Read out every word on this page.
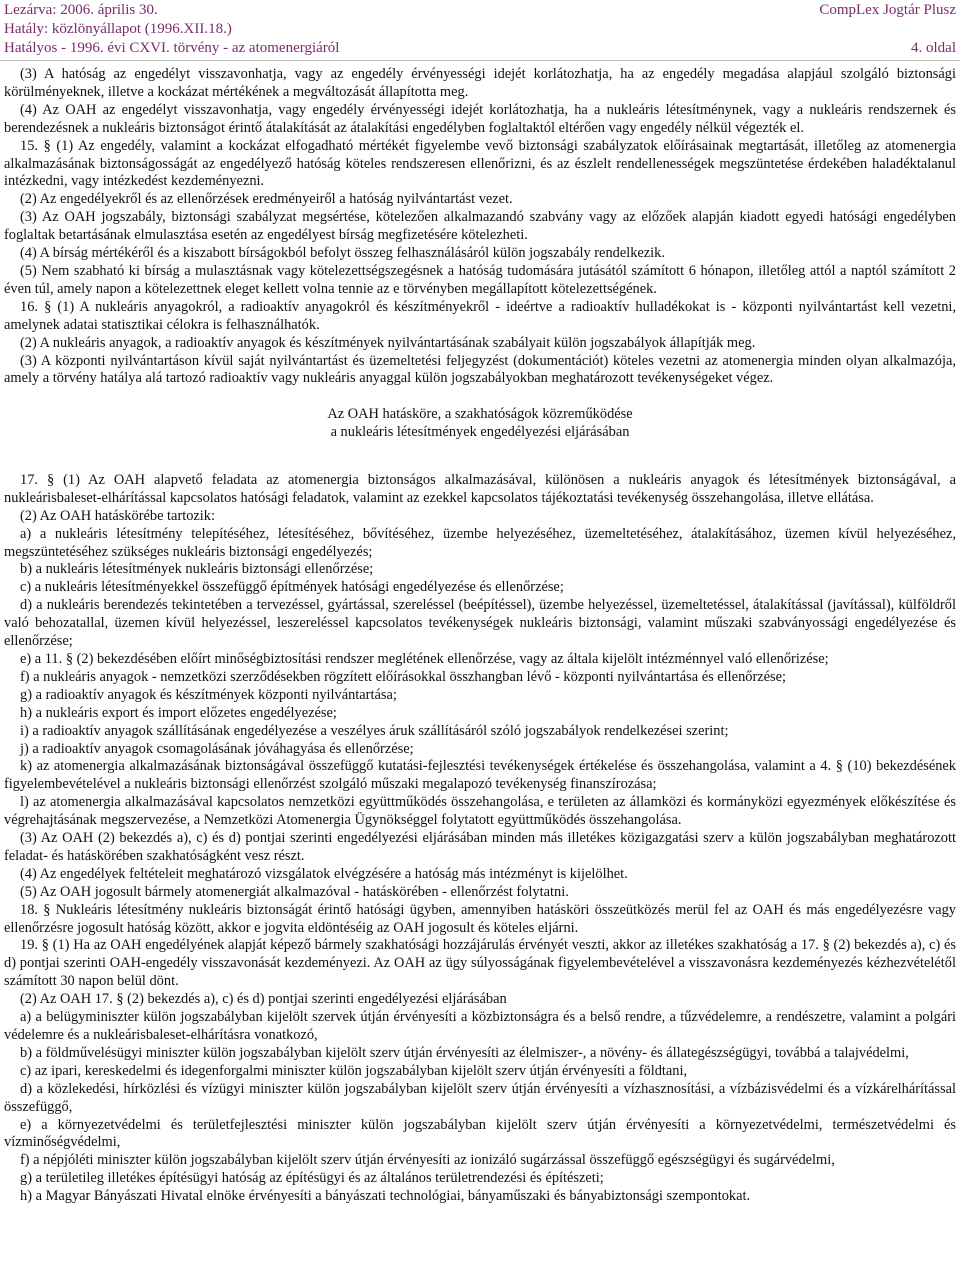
Lezárva: 2006. április 30.
Hatály: közlönyállapot (1996.XII.18.)
Hatályos - 1996. évi CXVI. törvény - az atomenergiáról
CompLex Jogtár Plusz
4. oldal

(3) A hatóság az engedélyt visszavonhatja, vagy az engedély érvényességi idejét korlátozhatja, ha az engedély megadása alapjául szolgáló biztonsági körülményeknek, illetve a kockázat mértékének a megváltozását állapította meg.

(4) Az OAH az engedélyt visszavonhatja, vagy engedély érvényességi idejét korlátozhatja, ha a nukleáris létesítménynek, vagy a nukleáris rendszernek és berendezésnek a nukleáris biztonságot érintő átalakítását az átalakítási engedélyben foglaltaktól eltérően vagy engedély nélkül végezték el.

15. § (1) Az engedély, valamint a kockázat elfogadható mértékét figyelembe vevő biztonsági szabályzatok előírásainak megtartását, illetőleg az atomenergia alkalmazásának biztonságosságát az engedélyező hatóság köteles rendszeresen ellenőrizni, és az észlelt rendellenességek megszüntetése érdekében haladéktalanul intézkedni, vagy intézkedést kezdeményezni.

(2) Az engedélyekről és az ellenőrzések eredményeiről a hatóság nyilvántartást vezet.

(3) Az OAH jogszabály, biztonsági szabályzat megsértése, kötelezően alkalmazandó szabvány vagy az előzőek alapján kiadott egyedi hatósági engedélyben foglaltak betartásának elmulasztása esetén az engedélyest bírság megfizetésére kötelezheti.

(4) A bírság mértékéről és a kiszabott bírságokból befolyt összeg felhasználásáról külön jogszabály rendelkezik.

(5) Nem szabható ki bírság a mulasztásnak vagy kötelezettségszegésnek a hatóság tudomására jutásától számított 6 hónapon, illetőleg attól a naptól számított 2 éven túl, amely napon a kötelezettnek eleget kellett volna tennie az e törvényben megállapított kötelezettségének.

16. § (1) A nukleáris anyagokról, a radioaktív anyagokról és készítményekről - ideértve a radioaktív hulladékokat is - központi nyilvántartást kell vezetni, amelynek adatai statisztikai célokra is felhasználhatók.

(2) A nukleáris anyagok, a radioaktív anyagok és készítmények nyilvántartásának szabályait külön jogszabályok állapítják meg.

(3) A központi nyilvántartáson kívül saját nyilvántartást és üzemeltetési feljegyzést (dokumentációt) köteles vezetni az atomenergia minden olyan alkalmazója, amely a törvény hatálya alá tartozó radioaktív vagy nukleáris anyaggal külön jogszabályokban meghatározott tevékenységeket végez.

Az OAH hatásköre, a szakhatóságok közreműködése

a nukleáris létesítmények engedélyezési eljárásában

17. § (1) Az OAH alapvető feladata az atomenergia biztonságos alkalmazásával, különösen a nukleáris anyagok és létesítmények biztonságával, a nukleárisbaleset-elhárítással kapcsolatos hatósági feladatok, valamint az ezekkel kapcsolatos tájékoztatási tevékenység összehangolása, illetve ellátása.

(2) Az OAH hatáskörébe tartozik:

a) a nukleáris létesítmény telepítéséhez, létesítéséhez, bővítéséhez, üzembe helyezéséhez, üzemeltetéséhez, átalakításához, üzemen kívül helyezéséhez, megszüntetéséhez szükséges nukleáris biztonsági engedélyezés;

b) a nukleáris létesítmények nukleáris biztonsági ellenőrzése;

c) a nukleáris létesítményekkel összefüggő építmények hatósági engedélyezése és ellenőrzése;

d) a nukleáris berendezés tekintetében a tervezéssel, gyártással, szereléssel (beépítéssel), üzembe helyezéssel, üzemeltetéssel, átalakítással (javítással), külföldről való behozatallal, üzemen kívül helyezéssel, leszereléssel kapcsolatos tevékenységek nukleáris biztonsági, valamint műszaki szabványossági engedélyezése és ellenőrzése;

e) a 11. § (2) bekezdésében előírt minőségbiztosítási rendszer meglétének ellenőrzése, vagy az általa kijelölt intézménnyel való ellenőrizése;

f) a nukleáris anyagok - nemzetközi szerződésekben rögzített előírásokkal összhangban lévő - központi nyilvántartása és ellenőrzése;

g) a radioaktív anyagok és készítmények központi nyilvántartása;

h) a nukleáris export és import előzetes engedélyezése;

i) a radioaktív anyagok szállításának engedélyezése a veszélyes áruk szállításáról szóló jogszabályok rendelkezései szerint;

j) a radioaktív anyagok csomagolásának jóváhagyása és ellenőrzése;

k) az atomenergia alkalmazásának biztonságával összefüggő kutatási-fejlesztési tevékenységek értékelése és összehangolása, valamint a 4. § (10) bekezdésének figyelembevételével a nukleáris biztonsági ellenőrzést szolgáló műszaki megalapozó tevékenység finanszírozása;

l) az atomenergia alkalmazásával kapcsolatos nemzetközi együttműködés összehangolása, e területen az államközi és kormányközi egyezmények előkészítése és végrehajtásának megszervezése, a Nemzetközi Atomenergia Ügynökséggel folytatott együttműködés összehangolása.

(3) Az OAH (2) bekezdés a), c) és d) pontjai szerinti engedélyezési eljárásában minden más illetékes közigazgatási szerv a külön jogszabályban meghatározott feladat- és hatáskörében szakhatóságként vesz részt.

(4) Az engedélyek feltételeit meghatározó vizsgálatok elvégzésére a hatóság más intézményt is kijelölhet.

(5) Az OAH jogosult bármely atomenergiát alkalmazóval - hatáskörében - ellenőrzést folytatni.

18. § Nukleáris létesítmény nukleáris biztonságát érintő hatósági ügyben, amennyiben hatásköri összeütközés merül fel az OAH és más engedélyezésre vagy ellenőrzésre jogosult hatóság között, akkor e jogvita eldöntéséig az OAH jogosult és köteles eljárni.

19. § (1) Ha az OAH engedélyének alapját képező bármely szakhatósági hozzájárulás érvényét veszti, akkor az illetékes szakhatóság a 17. § (2) bekezdés a), c) és d) pontjai szerinti OAH-engedély visszavonását kezdeményezi. Az OAH az ügy súlyosságának figyelembevételével a visszavonásra kezdeményezés kézhezvételétől számított 30 napon belül dönt.

(2) Az OAH 17. § (2) bekezdés a), c) és d) pontjai szerinti engedélyezési eljárásában

a) a belügyminiszter külön jogszabályban kijelölt szervek útján érvényesíti a közbiztonságra és a belső rendre, a tűzvédelemre, a rendészetre, valamint a polgári védelemre és a nukleárisbaleset-elhárításra vonatkozó,

b) a földművelésügyi miniszter külön jogszabályban kijelölt szerv útján érvényesíti az élelmiszer-, a növény- és állategészségügyi, továbbá a talajvédelmi,

c) az ipari, kereskedelmi és idegenforgalmi miniszter külön jogszabályban kijelölt szerv útján érvényesíti a földtani,

d) a közlekedési, hírközlési és vízügyi miniszter külön jogszabályban kijelölt szerv útján érvényesíti a vízhasznosítási, a vízbázisvédelmi és a vízkárelhárítással összefüggő,

e) a környezetvédelmi és területfejlesztési miniszter külön jogszabályban kijelölt szerv útján érvényesíti a környezetvédelmi, természetvédelmi és vízminőségvédelmi,

f) a népjóléti miniszter külön jogszabályban kijelölt szerv útján érvényesíti az ionizáló sugárzással összefüggő egészségügyi és sugárvédelmi,

g) a területileg illetékes építésügyi hatóság az építésügyi és az általános területrendezési és építészeti;

h) a Magyar Bányászati Hivatal elnöke érvényesíti a bányászati technológiai, bányaműszaki és bányabiztonsági szempontokat.
